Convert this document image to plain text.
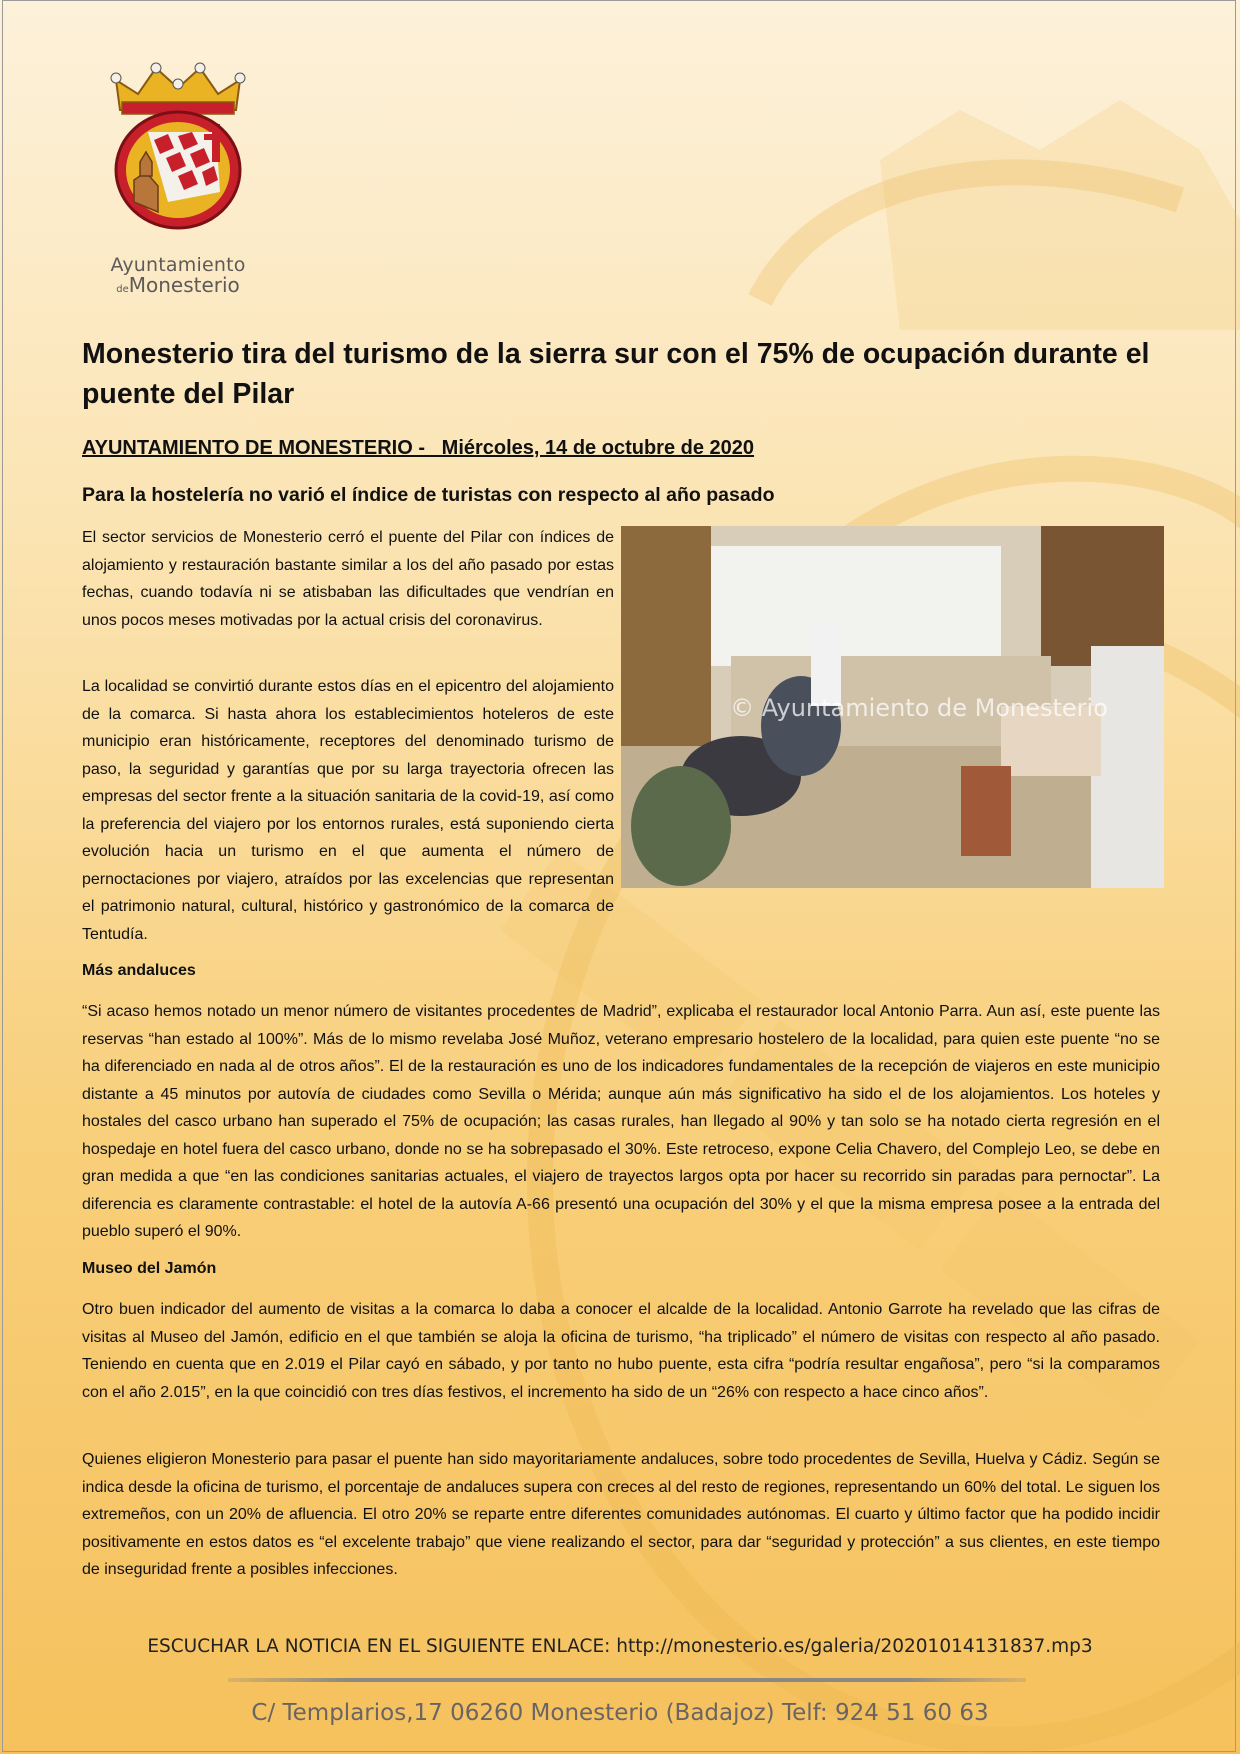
Ayuntamiento
deMonesterio
Monesterio tira del turismo de la sierra sur con el 75% de ocupación durante el puente del Pilar

AYUNTAMIENTO DE MONESTERIO -   Miércoles, 14 de octubre de 2020

Para la hostelería no varió el índice de turistas con respecto al año pasado

El sector servicios de Monesterio cerró el puente del Pilar con índices de alojamiento y restauración bastante similar a los del año pasado por estas fechas, cuando todavía ni se atisbaban las dificultades que vendrían en unos pocos meses motivadas por la actual crisis del coronavirus.

La localidad se convirtió durante estos días en el epicentro del alojamiento de la comarca. Si hasta ahora los establecimientos hoteleros de este municipio eran históricamente, receptores del denominado turismo de paso, la seguridad y garantías que por su larga trayectoria ofrecen las empresas del sector frente a la situación sanitaria de la covid-19, así como la preferencia del viajero por los entornos rurales, está suponiendo cierta evolución hacia un turismo en el que aumenta el número de pernoctaciones por viajero, atraídos por las excelencias que representan el patrimonio natural, cultural, histórico y gastronómico de la comarca de Tentudía.

© Ayuntamiento de Monesterio
Más andaluces

“Si acaso hemos notado un menor número de visitantes procedentes de Madrid”, explicaba el restaurador local Antonio Parra. Aun así, este puente las reservas “han estado al 100%”. Más de lo mismo revelaba José Muñoz, veterano empresario hostelero de la localidad, para quien este puente “no se ha diferenciado en nada al de otros años”. El de la restauración es uno de los indicadores fundamentales de la recepción de viajeros en este municipio distante a 45 minutos por autovía de ciudades como Sevilla o Mérida; aunque aún más significativo ha sido el de los alojamientos. Los hoteles y hostales del casco urbano han superado el 75% de ocupación; las casas rurales, han llegado al 90% y tan solo se ha notado cierta regresión en el hospedaje en hotel fuera del casco urbano, donde no se ha sobrepasado el 30%. Este retroceso, expone Celia Chavero, del Complejo Leo, se debe en gran medida a que “en las condiciones sanitarias actuales, el viajero de trayectos largos opta por hacer su recorrido sin paradas para pernoctar”. La diferencia es claramente contrastable: el hotel de la autovía A-66 presentó una ocupación del 30% y el que la misma empresa posee a la entrada del pueblo superó el 90%.

Museo del Jamón

Otro buen indicador del aumento de visitas a la comarca lo daba a conocer el alcalde de la localidad. Antonio Garrote ha revelado que las cifras de visitas al Museo del Jamón, edificio en el que también se aloja la oficina de turismo, “ha triplicado” el número de visitas con respecto al año pasado. Teniendo en cuenta que en 2.019 el Pilar cayó en sábado, y por tanto no hubo puente, esta cifra “podría resultar engañosa”, pero “si la comparamos con el año 2.015”, en la que coincidió con tres días festivos, el incremento ha sido de un “26% con respecto a hace cinco años”.

Quienes eligieron Monesterio para pasar el puente han sido mayoritariamente andaluces, sobre todo procedentes de Sevilla, Huelva y Cádiz. Según se indica desde la oficina de turismo, el porcentaje de andaluces supera con creces al del resto de regiones, representando un 60% del total. Le siguen los extremeños, con un 20% de afluencia. El otro 20% se reparte entre diferentes comunidades autónomas. El cuarto y último factor que ha podido incidir positivamente en estos datos es “el excelente trabajo” que viene realizando el sector, para dar “seguridad y protección” a sus clientes, en este tiempo de inseguridad frente a posibles infecciones.

ESCUCHAR LA NOTICIA EN EL SIGUIENTE ENLACE: http://monesterio.es/galeria/20201014131837.mp3

C/ Templarios,17 06260 Monesterio (Badajoz) Telf: 924 51 60 63
